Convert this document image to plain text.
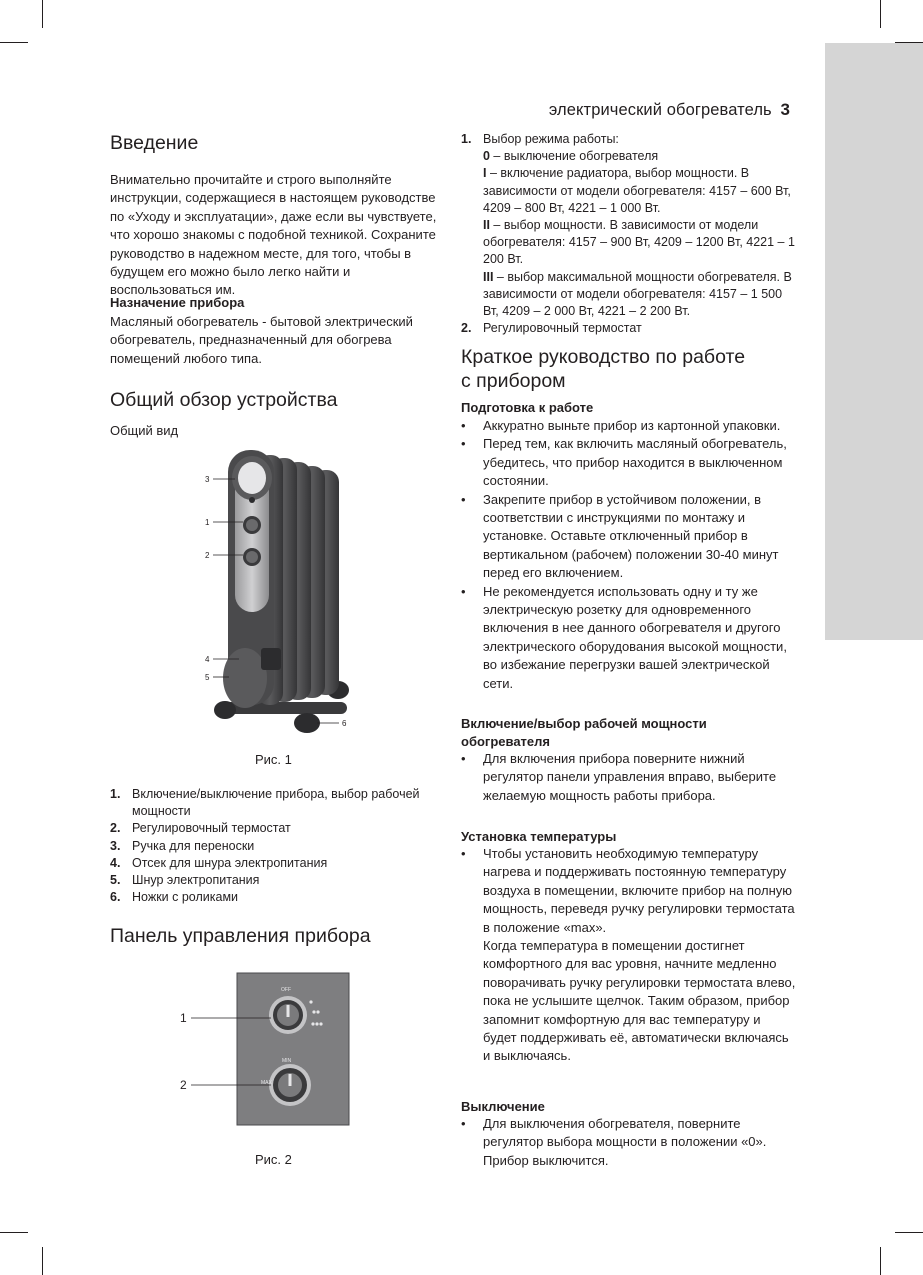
электрический обогреватель 3
Введение
Внимательно прочитайте и строго выполняйте инструкции, содержащиеся в настоящем руководстве по «Уходу и эксплуатации», даже если вы чувствуете, что хорошо знакомы с подобной техникой. Сохраните руководство в надежном месте, для того, чтобы в будущем его можно было легко найти и воспользоваться им.
Назначение прибора
Масляный обогреватель - бытовой электрический обогреватель, предназначенный для обогрева помещений любого типа.
Общий обзор устройства
Общий вид
Рис. 1
1. Включение/выключение прибора, выбор рабочей мощности
2. Регулировочный термостат
3. Ручка для переноски
4. Отсек для шнура электропитания
5. Шнур электропитания
6. Ножки с роликами
Панель управления прибора
Рис. 2
3
1
2
4
5
6
OFF
MIN
MAX
1
2
1. Выбор режима работы:
0 – выключение обогревателя
I – включение радиатора, выбор мощности. В зависимости от модели обогревателя: 4157 – 600 Вт, 4209 – 800 Вт, 4221 – 1 000 Вт.
II – выбор мощности. В зависимости от модели обогревателя: 4157 – 900 Вт, 4209 – 1200 Вт, 4221 – 1 200 Вт.
III – выбор максимальной мощности обогревателя. В зависимости от модели обогревателя: 4157 – 1 500 Вт, 4209 – 2 000 Вт, 4221 – 2 200 Вт.
2. Регулировочный термостат
Краткое руководство по работе
с прибором
Подготовка к работе
•	Аккуратно выньте прибор из картонной упаковки.
•	Перед тем, как включить масляный обогреватель, убедитесь, что прибор находится в выключенном состоянии.
•	Закрепите прибор в устойчивом положении, в соответствии с инструкциями по монтажу и установке. Оставьте отключенный прибор в вертикальном (рабочем) положении 30-40 минут перед его включением.
•	Не рекомендуется использовать одну и ту же электрическую розетку для одновременного включения в нее данного обогревателя и другого электрического оборудования высокой мощности, во избежание перегрузки вашей электрической сети.
Включение/выбор рабочей мощности обогревателя
•	Для включения прибора поверните нижний регулятор панели управления вправо, выберите желаемую мощность работы прибора.
Установка температуры
•	Чтобы установить необходимую температуру нагрева и поддерживать постоянную температуру воздуха в помещении, включите прибор на полную мощность, переведя ручку регулировки термостата в положение «max».
Когда температура в помещении достигнет комфортного для вас уровня, начните медленно поворачивать ручку регулировки термостата влево, пока не услышите щелчок. Таким образом, прибор запомнит комфортную для вас температуру и будет поддерживать её, автоматически включаясь и выключаясь.
Выключение
•	Для выключения обогревателя, поверните регулятор выбора мощности в положении «0». Прибор выключится.
